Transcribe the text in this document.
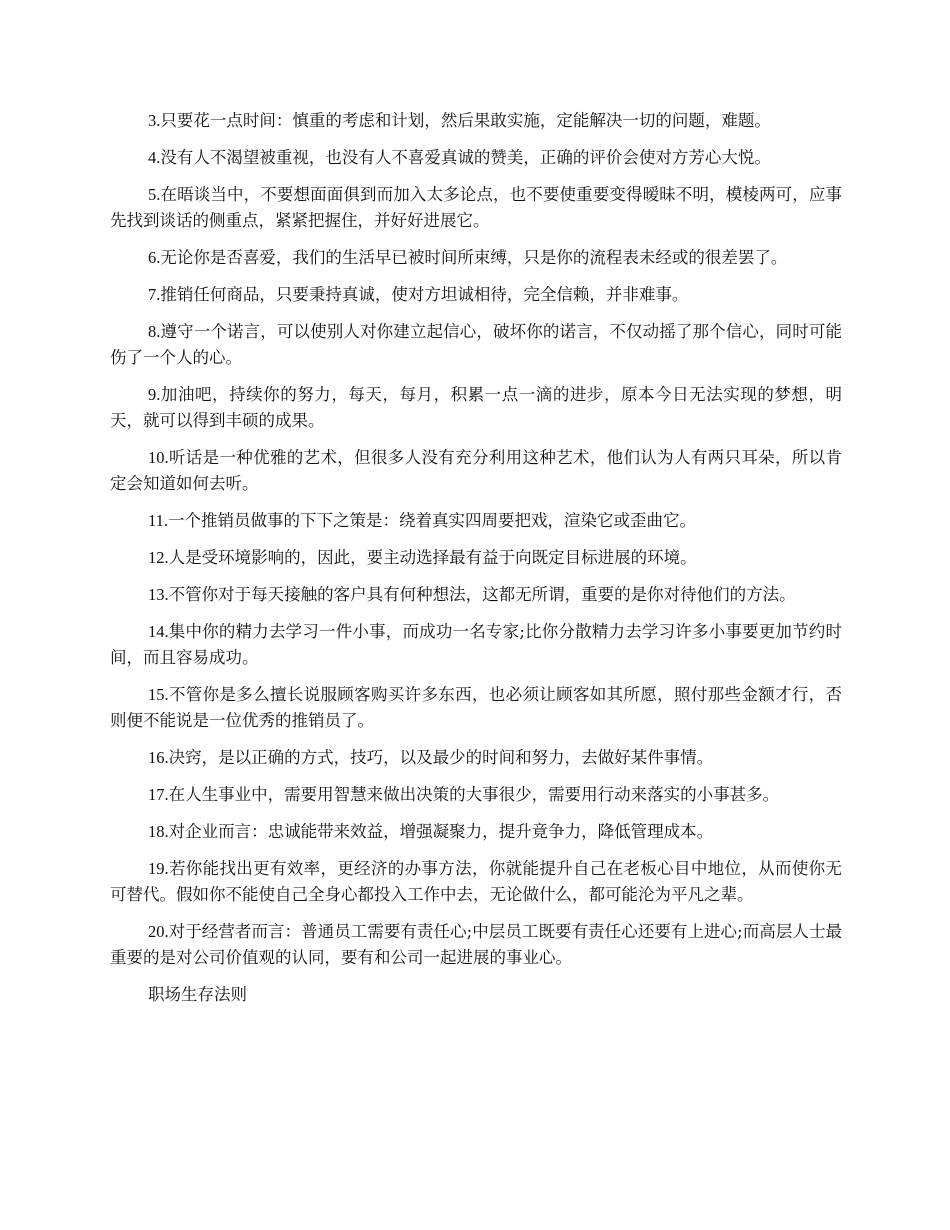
3.只要花一点时间：慎重的考虑和计划，然后果敢实施，定能解决一切的问题，难题。

4.没有人不渴望被重视，也没有人不喜爱真诚的赞美，正确的评价会使对方芳心大悦。

5.在晤谈当中，不要想面面俱到而加入太多论点，也不要使重要变得暧昧不明，模棱两可，应事先找到谈话的侧重点，紧紧把握住，并好好进展它。

6.无论你是否喜爱，我们的生活早已被时间所束缚，只是你的流程表未经或的很差罢了。

7.推销任何商品，只要秉持真诚，使对方坦诚相待，完全信赖，并非难事。

8.遵守一个诺言，可以使别人对你建立起信心，破坏你的诺言，不仅动摇了那个信心，同时可能伤了一个人的心。

9.加油吧，持续你的努力，每天，每月，积累一点一滴的进步，原本今日无法实现的梦想，明天，就可以得到丰硕的成果。

10.听话是一种优雅的艺术，但很多人没有充分利用这种艺术，他们认为人有两只耳朵，所以肯定会知道如何去听。

11.一个推销员做事的下下之策是：绕着真实四周要把戏，渲染它或歪曲它。

12.人是受环境影响的，因此，要主动选择最有益于向既定目标进展的环境。

13.不管你对于每天接触的客户具有何种想法，这都无所谓，重要的是你对待他们的方法。

14.集中你的精力去学习一件小事，而成功一名专家;比你分散精力去学习许多小事要更加节约时间，而且容易成功。

15.不管你是多么擅长说服顾客购买许多东西，也必须让顾客如其所愿，照付那些金额才行，否则便不能说是一位优秀的推销员了。

16.决窍，是以正确的方式，技巧，以及最少的时间和努力，去做好某件事情。

17.在人生事业中，需要用智慧来做出决策的大事很少，需要用行动来落实的小事甚多。

18.对企业而言：忠诚能带来效益，增强凝聚力，提升竟争力，降低管理成本。

19.若你能找出更有效率，更经济的办事方法，你就能提升自己在老板心目中地位，从而使你无可替代。假如你不能使自己全身心都投入工作中去，无论做什么，都可能沦为平凡之辈。

20.对于经营者而言：普通员工需要有责任心;中层员工既要有责任心还要有上进心;而高层人士最重要的是对公司价值观的认同，要有和公司一起进展的事业心。

职场生存法则
